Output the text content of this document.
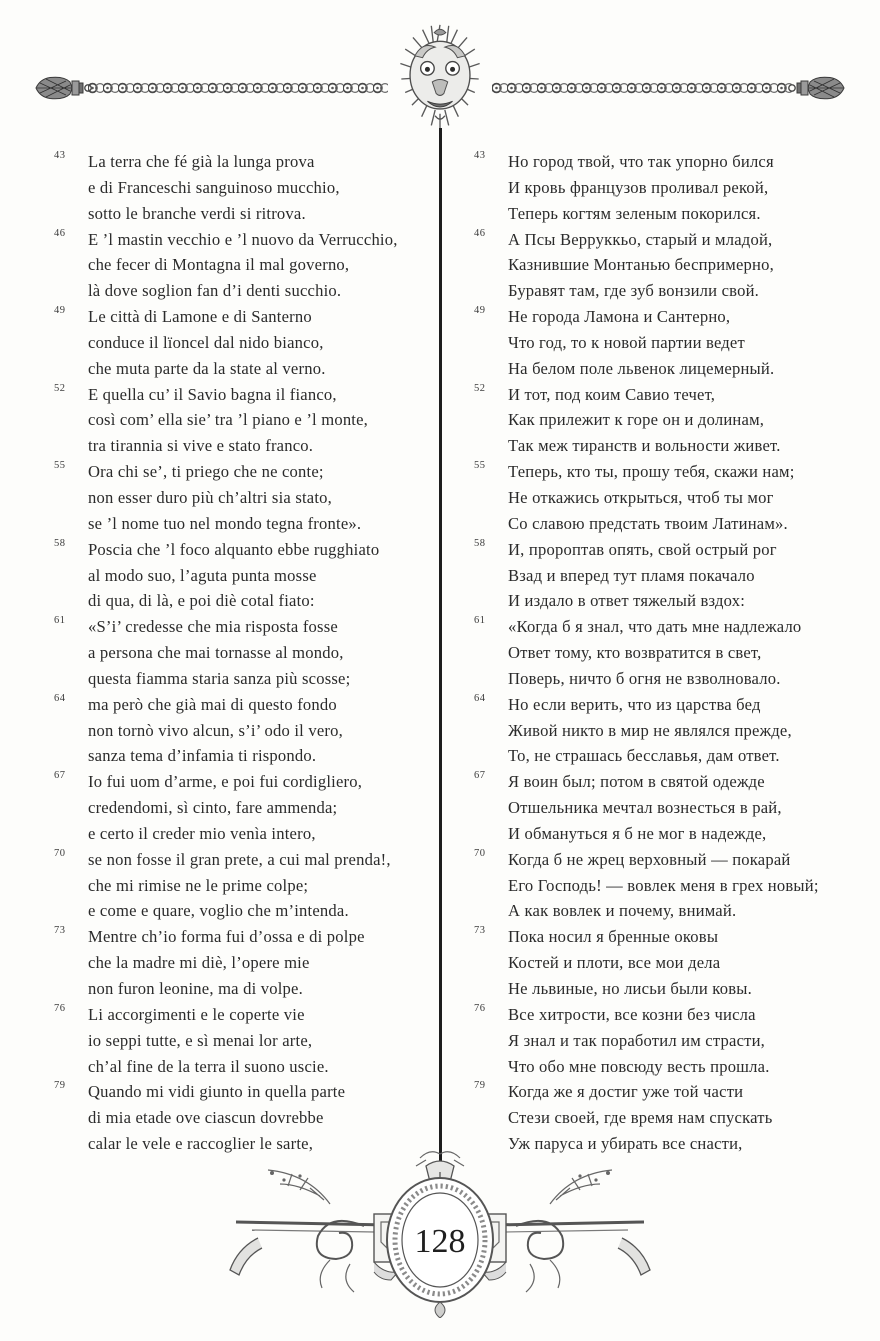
43	La terra che fé già la lunga prova
e di Franceschi sanguinoso mucchio,
sotto le branche verdi si ritrova.
46	E ’l mastin vecchio e ’l nuovo da Verrucchio,
che fecer di Montagna il mal governo,
là dove soglion fan d’i denti succhio.
49	Le città di Lamone e di Santerno
conduce il lïoncel dal nido bianco,
che muta parte da la state al verno.
52	E quella cu’ il Savio bagna il fianco,
così com’ ella sie’ tra ’l piano e ’l monte,
tra tirannia si vive e stato franco.
55	Ora chi se’, ti priego che ne conte;
non esser duro più ch’altri sia stato,
se ’l nome tuo nel mondo tegna fronte».
58	Poscia che ’l foco alquanto ebbe rugghiato
al modo suo, l’aguta punta mosse
di qua, di là, e poi diè cotal fiato:
61	«S’i’ credesse che mia risposta fosse
a persona che mai tornasse al mondo,
questa fiamma staria sanza più scosse;
64	ma però che già mai di questo fondo
non tornò vivo alcun, s’i’ odo il vero,
sanza tema d’infamia ti rispondo.
67	Io fui uom d’arme, e poi fui cordigliero,
credendomi, sì cinto, fare ammenda;
e certo il creder mio venìa intero,
70	se non fosse il gran prete, a cui mal prenda!,
che mi rimise ne le prime colpe;
e come e quare, voglio che m’intenda.
73	Mentre ch’io forma fui d’ossa e di polpe
che la madre mi diè, l’opere mie
non furon leonine, ma di volpe.
76	Li accorgimenti e le coperte vie
io seppi tutte, e sì menai lor arte,
ch’al fine de la terra il suono uscie.
79	Quando mi vidi giunto in quella parte
di mia etade ove ciascun dovrebbe
calar le vele e raccoglier le sarte,
43	Но город твой, что так упорно бился
И кровь французов проливал рекой,
Теперь когтям зеленым покорился.
46	А Псы Верруккьо, старый и младой,
Казнившие Монтанью беспримерно,
Буравят там, где зуб вонзили свой.
49	Не города Ламона и Сантерно,
Что год, то к новой партии ведет
На белом поле львенок лицемерный.
52	И тот, под коим Савио течет,
Как прилежит к горе он и долинам,
Так меж тиранств и вольности живет.
55	Теперь, кто ты, прошу тебя, скажи нам;
Не откажись открыться, чтоб ты мог
Со славою предстать твоим Латинам».
58	И, пророптав опять, свой острый рог
Взад и вперед тут пламя покачало
И издало в ответ тяжелый вздох:
61	«Когда б я знал, что дать мне надлежало
Ответ тому, кто возвратится в свет,
Поверь, ничто б огня не взволновало.
64	Но если верить, что из царства бед
Живой никто в мир не являлся прежде,
То, не страшась бесславья, дам ответ.
67	Я воин был; потом в святой одежде
Отшельника мечтал вознесться в рай,
И обмануться я б не мог в надежде,
70	Когда б не жрец верховный — покарай
Его Господь! — вовлек меня в грех новый;
А как вовлек и почему, внимай.
73	Пока носил я бренные оковы
Костей и плоти, все мои дела
Не львиные, но лисьи были ковы.
76	Все хитрости, все козни без числа
Я знал и так поработил им страсти,
Что обо мне повсюду весть прошла.
79	Когда же я достиг уже той части
Стези своей, где время нам спускать
Уж паруса и убирать все снасти,
128
